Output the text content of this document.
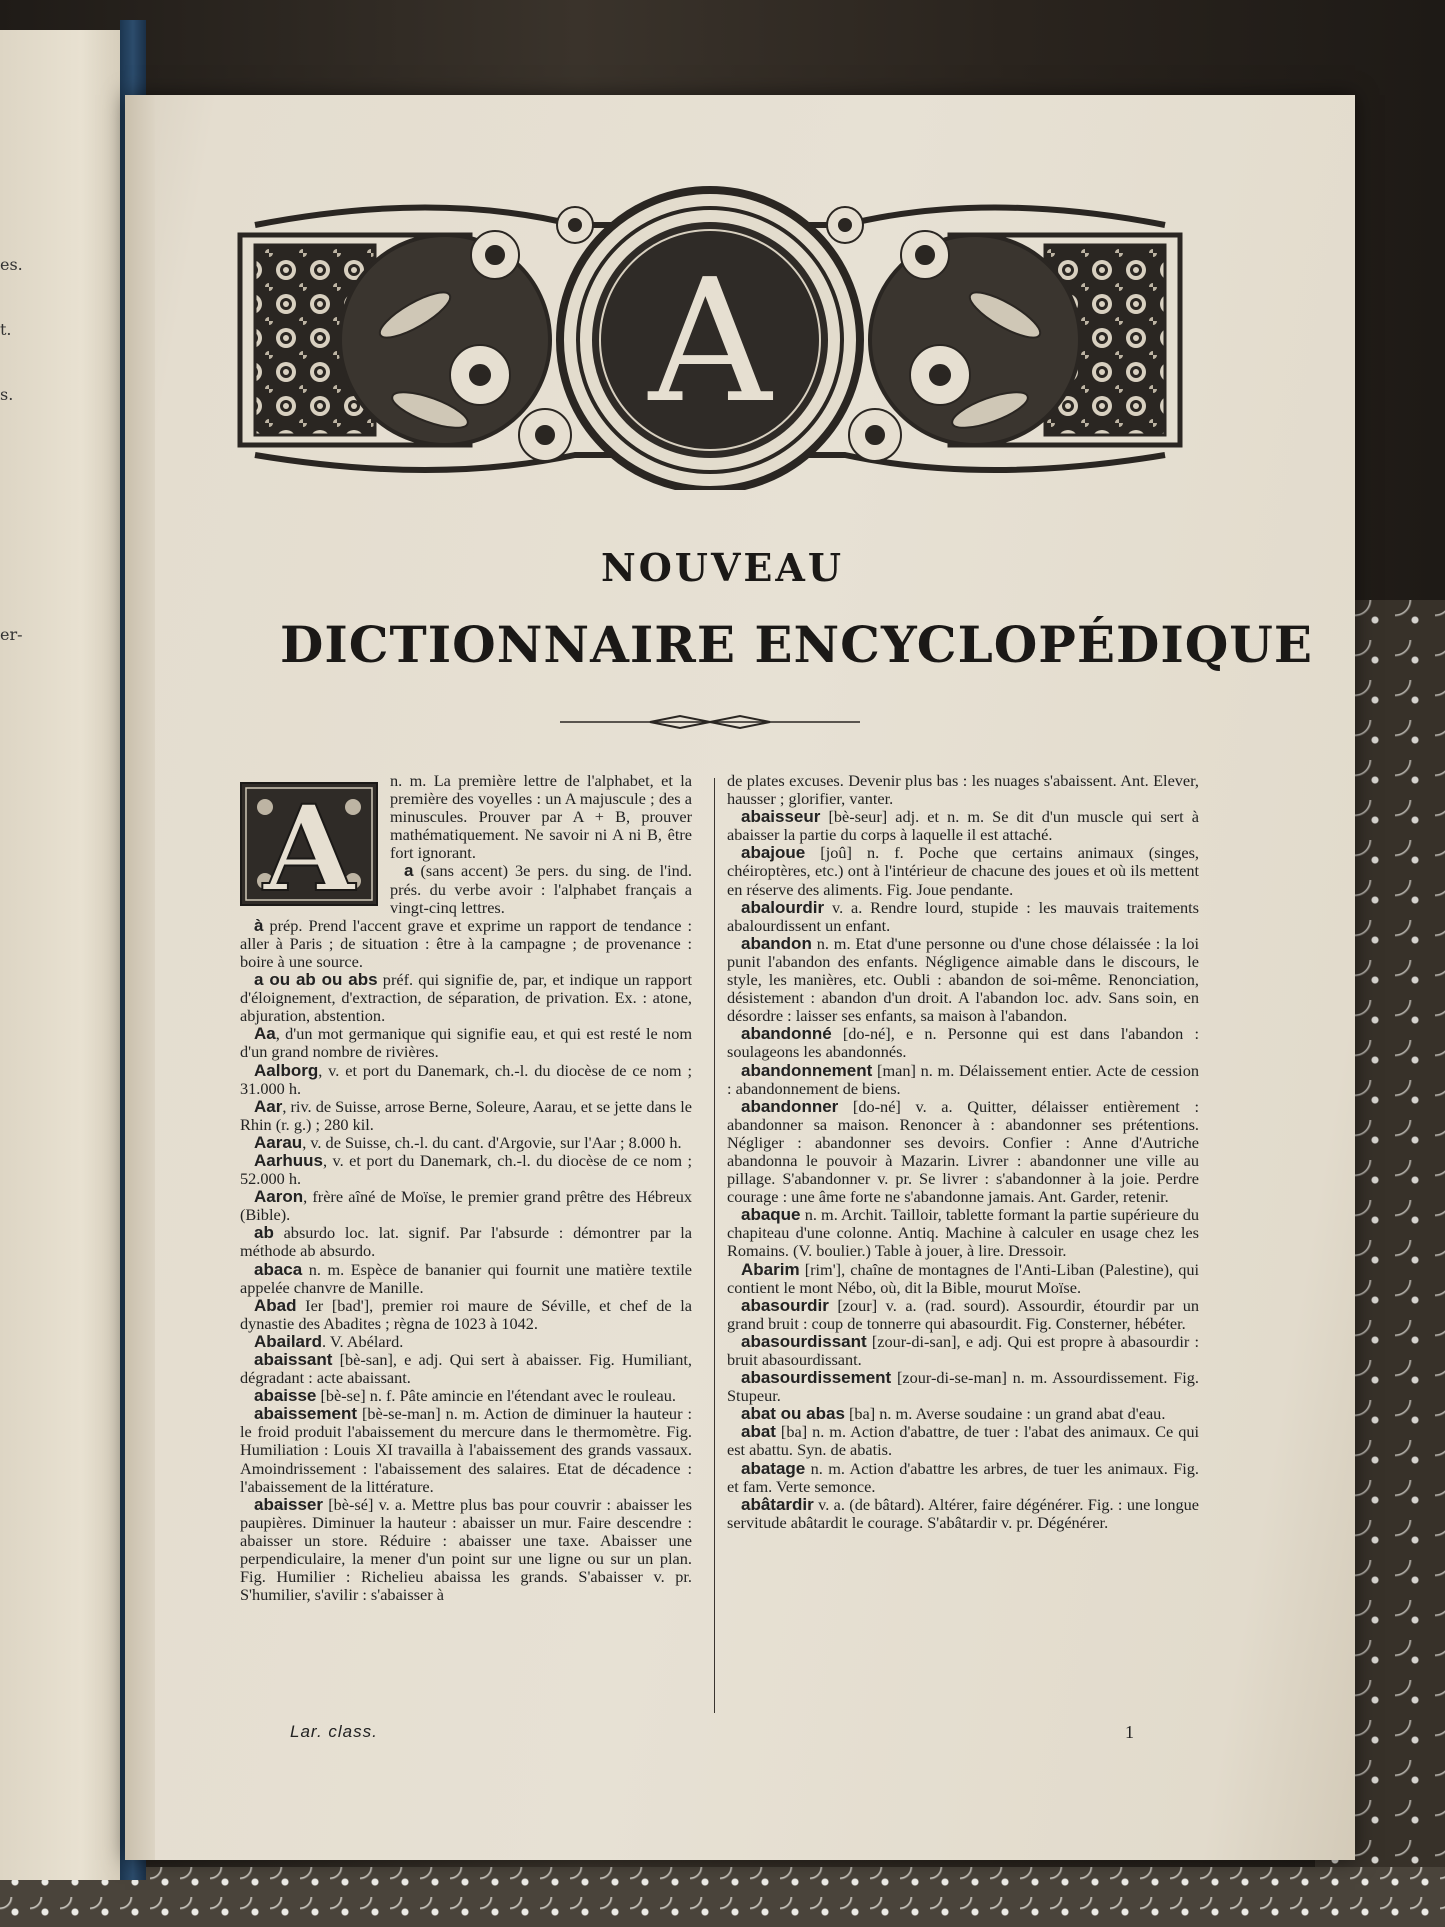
es.
t.
s.
er-
A
NOUVEAU
DICTIONNAIRE ENCYCLOPÉDIQUE
A	n. m. La première lettre de l'alphabet, et la première des voyelles : un A majuscule ; des a minuscules. Prouver par A + B, prouver mathématiquement. Ne savoir ni A ni B, être fort ignorant.

a (sans accent) 3e pers. du sing. de l'ind. prés. du verbe avoir : l'alphabet français a vingt-cinq lettres.

à prép. Prend l'accent grave et exprime un rapport de tendance : aller à Paris ; de situation : être à la campagne ; de provenance : boire à une source.

a ou ab ou abs préf. qui signifie de, par, et indique un rapport d'éloignement, d'extraction, de séparation, de privation. Ex. : atone, abjuration, abstention.

Aa, d'un mot germanique qui signifie eau, et qui est resté le nom d'un grand nombre de rivières.

Aalborg, v. et port du Danemark, ch.-l. du diocèse de ce nom ; 31.000 h.

Aar, riv. de Suisse, arrose Berne, Soleure, Aarau, et se jette dans le Rhin (r. g.) ; 280 kil.

Aarau, v. de Suisse, ch.-l. du cant. d'Argovie, sur l'Aar ; 8.000 h.

Aarhuus, v. et port du Danemark, ch.-l. du diocèse de ce nom ; 52.000 h.

Aaron, frère aîné de Moïse, le premier grand prêtre des Hébreux (Bible).

ab absurdo loc. lat. signif. Par l'absurde : démontrer par la méthode ab absurdo.

abaca n. m. Espèce de bananier qui fournit une matière textile appelée chanvre de Manille.

Abad Ier [bad'], premier roi maure de Séville, et chef de la dynastie des Abadites ; règna de 1023 à 1042.

Abailard. V. Abélard.

abaissant [bè-san], e adj. Qui sert à abaisser. Fig. Humiliant, dégradant : acte abaissant.

abaisse [bè-se] n. f. Pâte amincie en l'étendant avec le rouleau.

abaissement [bè-se-man] n. m. Action de diminuer la hauteur : le froid produit l'abaissement du mercure dans le thermomètre. Fig. Humiliation : Louis XI travailla à l'abaissement des grands vassaux. Amoindrissement : l'abaissement des salaires. Etat de décadence : l'abaissement de la littérature.

abaisser [bè-sé] v. a. Mettre plus bas pour couvrir : abaisser les paupières. Diminuer la hauteur : abaisser un mur. Faire descendre : abaisser un store. Réduire : abaisser une taxe. Abaisser une perpendiculaire, la mener d'un point sur une ligne ou sur un plan. Fig. Humilier : Richelieu abaissa les grands. S'abaisser v. pr. S'humilier, s'avilir : s'abaisser à

de plates excuses. Devenir plus bas : les nuages s'abaissent. Ant. Elever, hausser ; glorifier, vanter.

abaisseur [bè-seur] adj. et n. m. Se dit d'un muscle qui sert à abaisser la partie du corps à laquelle il est attaché.

abajoue [joû] n. f. Poche que certains animaux (singes, chéiroptères, etc.) ont à l'intérieur de chacune des joues et où ils mettent en réserve des aliments. Fig. Joue pendante.

abalourdir v. a. Rendre lourd, stupide : les mauvais traitements abalourdissent un enfant.

abandon n. m. Etat d'une personne ou d'une chose délaissée : la loi punit l'abandon des enfants. Négligence aimable dans le discours, le style, les manières, etc. Oubli : abandon de soi-même. Renonciation, désistement : abandon d'un droit. A l'abandon loc. adv. Sans soin, en désordre : laisser ses enfants, sa maison à l'abandon.

abandonné [do-né], e n. Personne qui est dans l'abandon : soulageons les abandonnés.

abandonnement [man] n. m. Délaissement entier. Acte de cession : abandonnement de biens.

abandonner [do-né] v. a. Quitter, délaisser entièrement : abandonner sa maison. Renoncer à : abandonner ses prétentions. Négliger : abandonner ses devoirs. Confier : Anne d'Autriche abandonna le pouvoir à Mazarin. Livrer : abandonner une ville au pillage. S'abandonner v. pr. Se livrer : s'abandonner à la joie. Perdre courage : une âme forte ne s'abandonne jamais. Ant. Garder, retenir.

abaque n. m. Archit. Tailloir, tablette formant la partie supérieure du chapiteau d'une colonne. Antiq. Machine à calculer en usage chez les Romains. (V. boulier.) Table à jouer, à lire. Dressoir.

Abarim [rim'], chaîne de montagnes de l'Anti-Liban (Palestine), qui contient le mont Nébo, où, dit la Bible, mourut Moïse.

abasourdir [zour] v. a. (rad. sourd). Assourdir, étourdir par un grand bruit : coup de tonnerre qui abasourdit. Fig. Consterner, hébéter.

abasourdissant [zour-di-san], e adj. Qui est propre à abasourdir : bruit abasourdissant.

abasourdissement [zour-di-se-man] n. m. Assourdissement. Fig. Stupeur.

abat ou abas [ba] n. m. Averse soudaine : un grand abat d'eau.

abat [ba] n. m. Action d'abattre, de tuer : l'abat des animaux. Ce qui est abattu. Syn. de abatis.

abatage n. m. Action d'abattre les arbres, de tuer les animaux. Fig. et fam. Verte semonce.

abâtardir v. a. (de bâtard). Altérer, faire dégénérer. Fig. : une longue servitude abâtardit le courage. S'abâtardir v. pr. Dégénérer.

Lar. class.	1
